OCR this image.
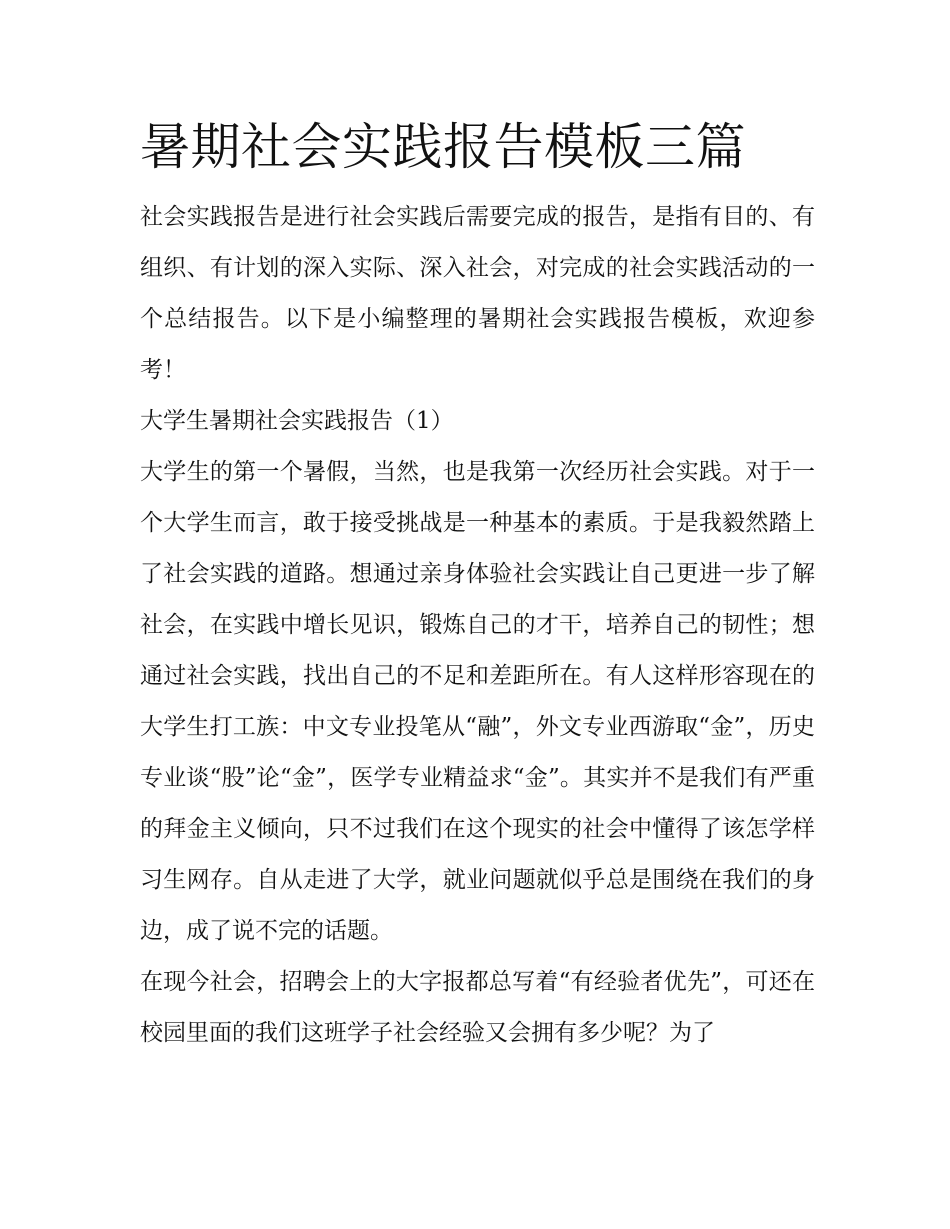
暑期社会实践报告模板三篇

社会实践报告是进行社会实践后需要完成的报告，是指有目的、有组织、有计划的深入实际、深入社会，对完成的社会实践活动的一个总结报告。以下是小编整理的暑期社会实践报告模板，欢迎参考！

大学生暑期社会实践报告（1）

大学生的第一个暑假，当然，也是我第一次经历社会实践。对于一个大学生而言，敢于接受挑战是一种基本的素质。于是我毅然踏上了社会实践的道路。想通过亲身体验社会实践让自己更进一步了解社会，在实践中增长见识，锻炼自己的才干，培养自己的韧性；想通过社会实践，找出自己的不足和差距所在。有人这样形容现在的大学生打工族：中文专业投笔从“融”，外文专业西游取“金”，历史专业谈“股”论“金”，医学专业精益求“金”。其实并不是我们有严重的拜金主义倾向，只不过我们在这个现实的社会中懂得了该怎学样习生网存。自从走进了大学，就业问题就似乎总是围绕在我们的身边，成了说不完的话题。

在现今社会，招聘会上的大字报都总写着“有经验者优先”，可还在校园里面的我们这班学子社会经验又会拥有多少呢？为了
